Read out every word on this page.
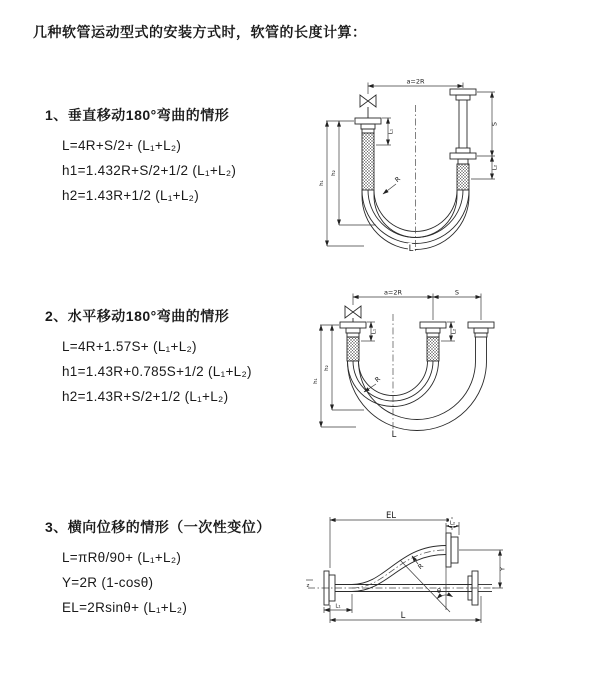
几种软管运动型式的安装方式时，软管的长度计算：
1、垂直移动180°弯曲的情形
L=4R+S/2+ (L₁+L₂)
h1=1.432R+S/2+1/2 (L₁+L₂)
h2=1.43R+1/2 (L₁+L₂)
2、水平移动180°弯曲的情形
L=4R+1.57S+ (L₁+L₂)
h1=1.43R+0.785S+1/2 (L₁+L₂)
h2=1.43R+S/2+1/2 (L₁+L₂)
3、横向位移的情形（一次性变位）
L=πRθ/90+ (L₁+L₂)
Y=2R (1-cosθ)
EL=2Rsinθ+ (L₁+L₂)
a=2R
L₁
S
L₂
h₂
h₁	R
L
a=2R	S
L₁	L₂
h₂
h₁	R
L
z
EL
L₂
θ
Y
R
L₁
L
